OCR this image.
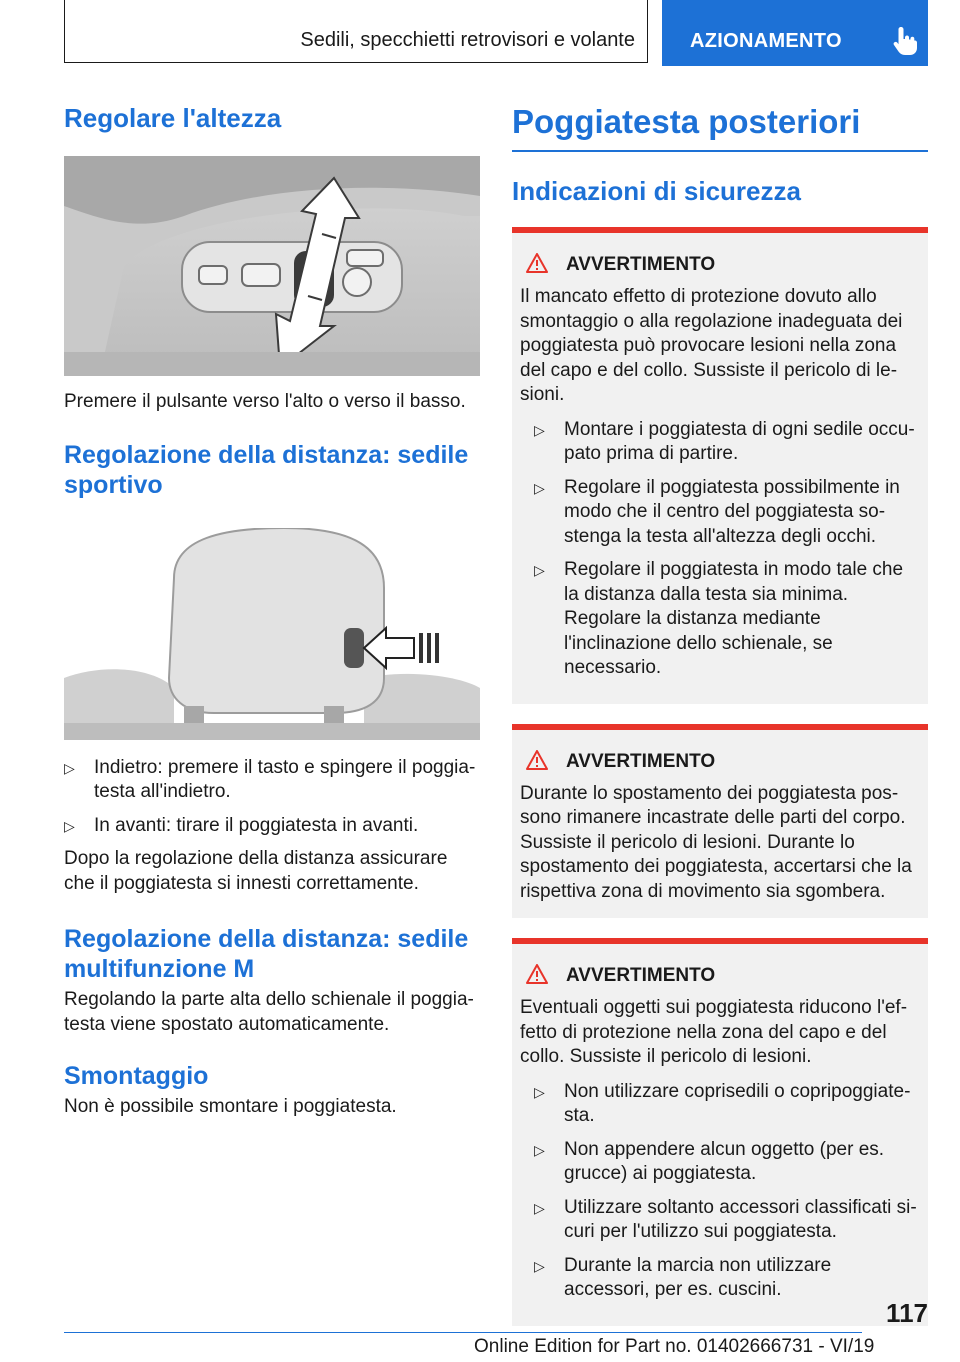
Sedili, specchietti retrovisori e volante	AZIONAMENTO
Regolare l'altezza

Premere il pulsante verso l'alto o verso il basso.

Regolazione della distanza: sedile sportivo
▷ Indietro: premere il tasto e spingere il poggiatesta all'indietro.
▷ In avanti: tirare il poggiatesta in avanti.

Dopo la regolazione della distanza assicurare che il poggiatesta si innesti correttamente.

Regolazione della distanza: sedile multifunzione M

Regolando la parte alta dello schienale il poggiatesta viene spostato automaticamente.

Smontaggio

Non è possibile smontare i poggiatesta.

Poggiatesta posteriori
Indicazioni di sicurezza
AVVERTIMENTO

Il mancato effetto di protezione dovuto allo smontaggio o alla regolazione inadeguata dei poggiatesta può provocare lesioni nella zona del capo e del collo. Sussiste il pericolo di lesioni.

▷ Montare i poggiatesta di ogni sedile occupato prima di partire.
▷ Regolare il poggiatesta possibilmente in modo che il centro del poggiatesta sostenga la testa all'altezza degli occhi.
▷ Regolare il poggiatesta in modo tale che la distanza dalla testa sia minima. Regolare la distanza mediante l'inclinazione dello schienale, se necessario.
AVVERTIMENTO

Durante lo spostamento dei poggiatesta possono rimanere incastrate delle parti del corpo. Sussiste il pericolo di lesioni. Durante lo spostamento dei poggiatesta, accertarsi che la rispettiva zona di movimento sia sgombera.

AVVERTIMENTO

Eventuali oggetti sui poggiatesta riducono l'effetto di protezione nella zona del capo e del collo. Sussiste il pericolo di lesioni.

▷ Non utilizzare coprisedili o copripoggiatesta.
▷ Non appendere alcun oggetto (per es. grucce) ai poggiatesta.
▷ Utilizzare soltanto accessori classificati sicuri per l'utilizzo sui poggiatesta.
▷ Durante la marcia non utilizzare accessori, per es. cuscini.
117
Online Edition for Part no. 01402666731 - VI/19
